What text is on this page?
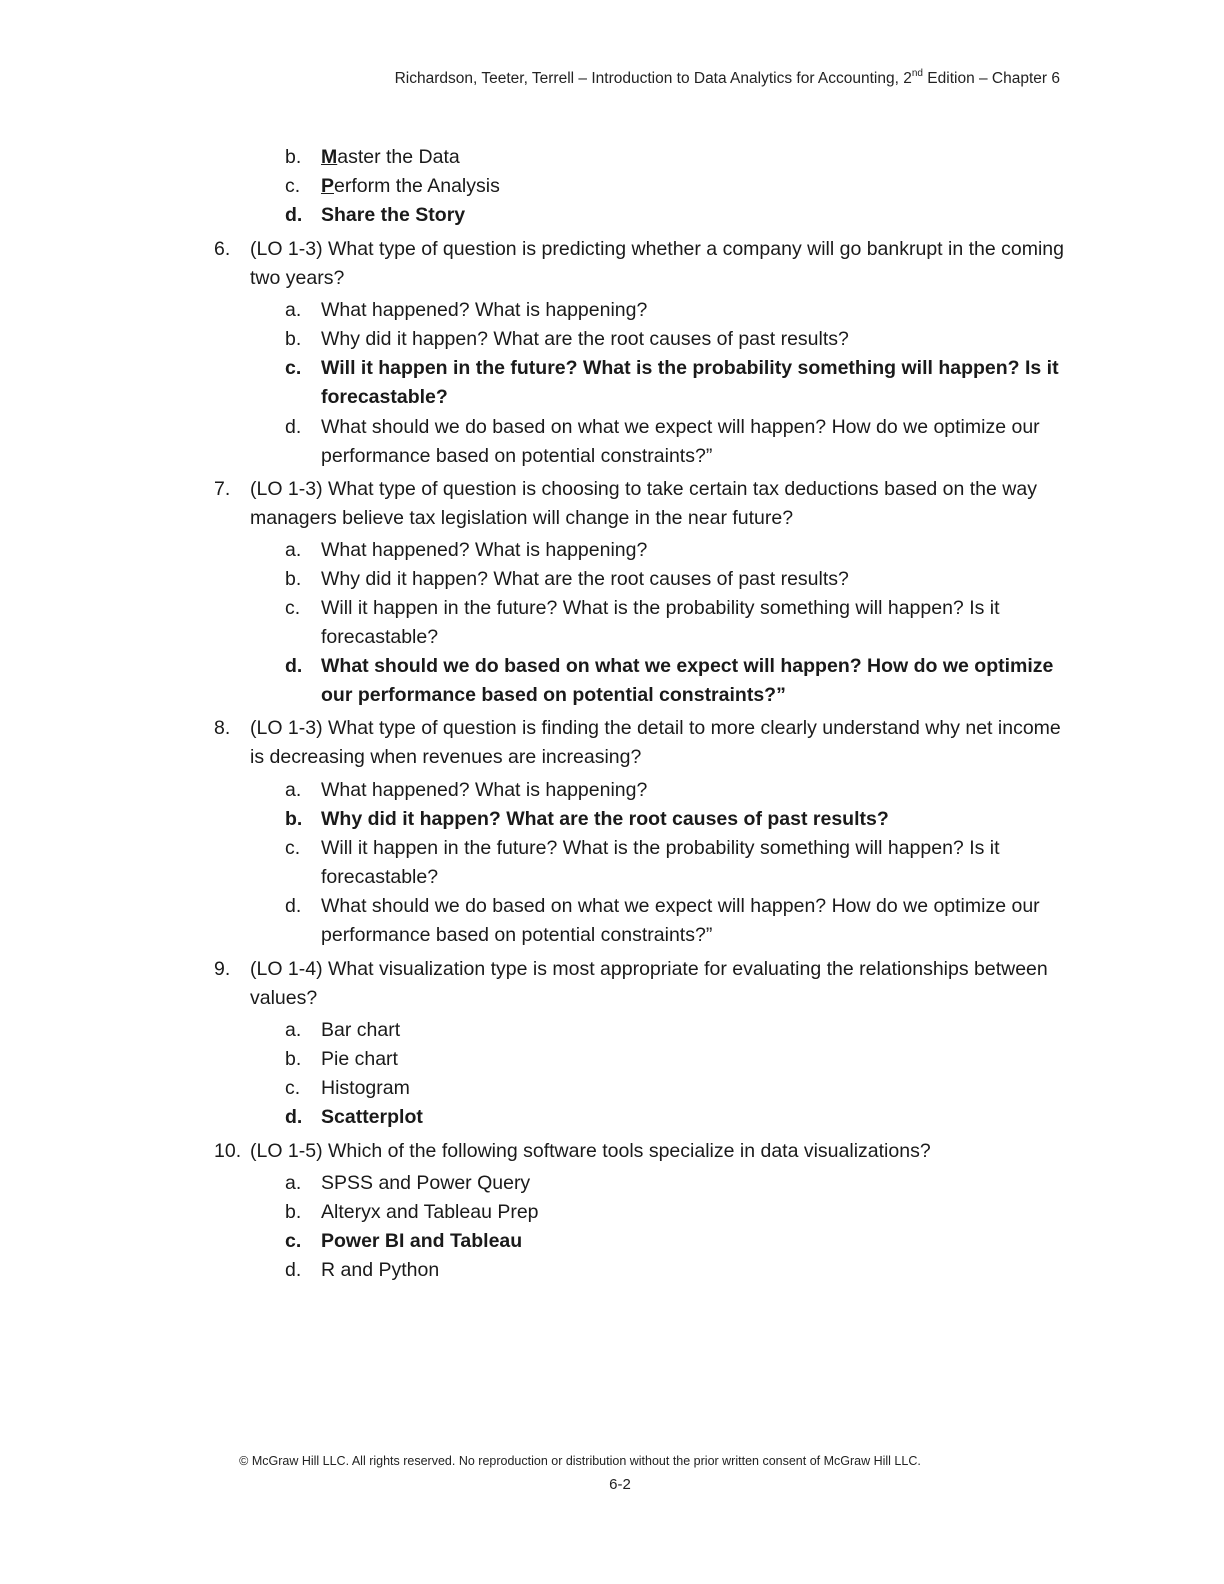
Richardson, Teeter, Terrell – Introduction to Data Analytics for Accounting, 2nd Edition – Chapter 6
b. Master the Data
c. Perform the Analysis
d. Share the Story
6. (LO 1-3) What type of question is predicting whether a company will go bankrupt in the coming two years?
a. What happened? What is happening?
b. Why did it happen? What are the root causes of past results?
c. Will it happen in the future? What is the probability something will happen? Is it forecastable?
d. What should we do based on what we expect will happen? How do we optimize our performance based on potential constraints?”
7. (LO 1-3) What type of question is choosing to take certain tax deductions based on the way managers believe tax legislation will change in the near future?
a. What happened? What is happening?
b. Why did it happen? What are the root causes of past results?
c. Will it happen in the future? What is the probability something will happen? Is it forecastable?
d. What should we do based on what we expect will happen? How do we optimize our performance based on potential constraints?”
8. (LO 1-3) What type of question is finding the detail to more clearly understand why net income is decreasing when revenues are increasing?
a. What happened? What is happening?
b. Why did it happen? What are the root causes of past results?
c. Will it happen in the future? What is the probability something will happen? Is it forecastable?
d. What should we do based on what we expect will happen? How do we optimize our performance based on potential constraints?”
9. (LO 1-4) What visualization type is most appropriate for evaluating the relationships between values?
a. Bar chart
b. Pie chart
c. Histogram
d. Scatterplot
10. (LO 1-5) Which of the following software tools specialize in data visualizations?
a. SPSS and Power Query
b. Alteryx and Tableau Prep
c. Power BI and Tableau
d. R and Python
© McGraw Hill LLC. All rights reserved. No reproduction or distribution without the prior written consent of McGraw Hill LLC.
6-2
